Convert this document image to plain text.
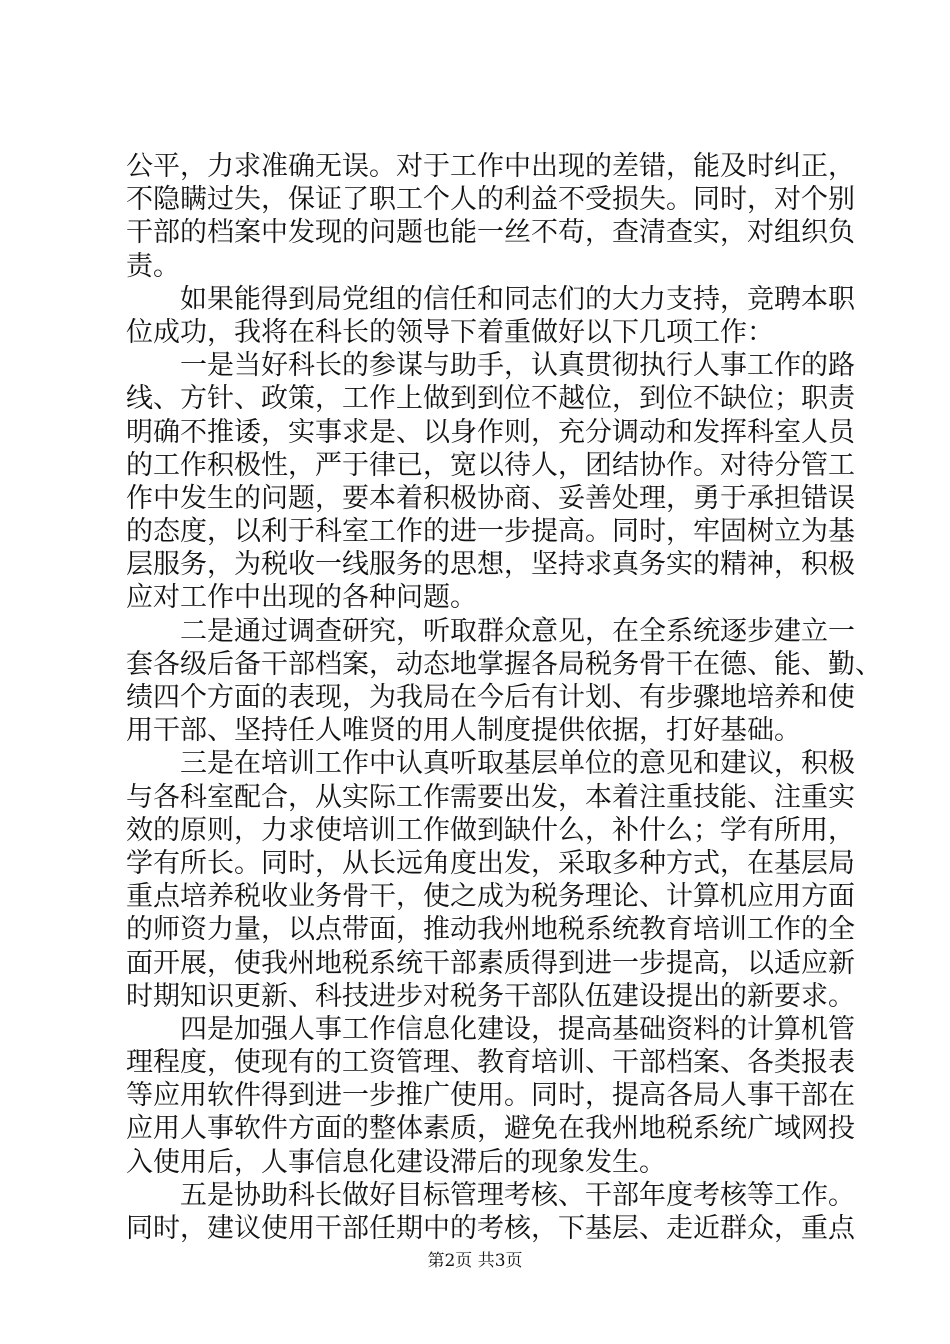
公平，力求准确无误。对于工作中出现的差错，能及时纠正，
不隐瞒过失，保证了职工个人的利益不受损失。同时，对个别
干部的档案中发现的问题也能一丝不苟，查清查实，对组织负
责。
如果能得到局党组的信任和同志们的大力支持，竞聘本职
位成功，我将在科长的领导下着重做好以下几项工作：
一是当好科长的参谋与助手，认真贯彻执行人事工作的路
线、方针、政策，工作上做到到位不越位，到位不缺位；职责
明确不推诿，实事求是、以身作则，充分调动和发挥科室人员
的工作积极性，严于律已，宽以待人，团结协作。对待分管工
作中发生的问题，要本着积极协商、妥善处理，勇于承担错误
的态度，以利于科室工作的进一步提高。同时，牢固树立为基
层服务，为税收一线服务的思想，坚持求真务实的精神，积极
应对工作中出现的各种问题。
二是通过调查研究，听取群众意见，在全系统逐步建立一
套各级后备干部档案，动态地掌握各局税务骨干在德、能、勤、
绩四个方面的表现，为我局在今后有计划、有步骤地培养和使
用干部、坚持任人唯贤的用人制度提供依据，打好基础。
三是在培训工作中认真听取基层单位的意见和建议，积极
与各科室配合，从实际工作需要出发，本着注重技能、注重实
效的原则，力求使培训工作做到缺什么，补什么；学有所用，
学有所长。同时，从长远角度出发，采取多种方式，在基层局
重点培养税收业务骨干，使之成为税务理论、计算机应用方面
的师资力量，以点带面，推动我州地税系统教育培训工作的全
面开展，使我州地税系统干部素质得到进一步提高，以适应新
时期知识更新、科技进步对税务干部队伍建设提出的新要求。
四是加强人事工作信息化建设，提高基础资料的计算机管
理程度，使现有的工资管理、教育培训、干部档案、各类报表
等应用软件得到进一步推广使用。同时，提高各局人事干部在
应用人事软件方面的整体素质，避免在我州地税系统广域网投
入使用后，人事信息化建设滞后的现象发生。
五是协助科长做好目标管理考核、干部年度考核等工作。
同时，建议使用干部任期中的考核，下基层、走近群众，重点
第2页 共3页
